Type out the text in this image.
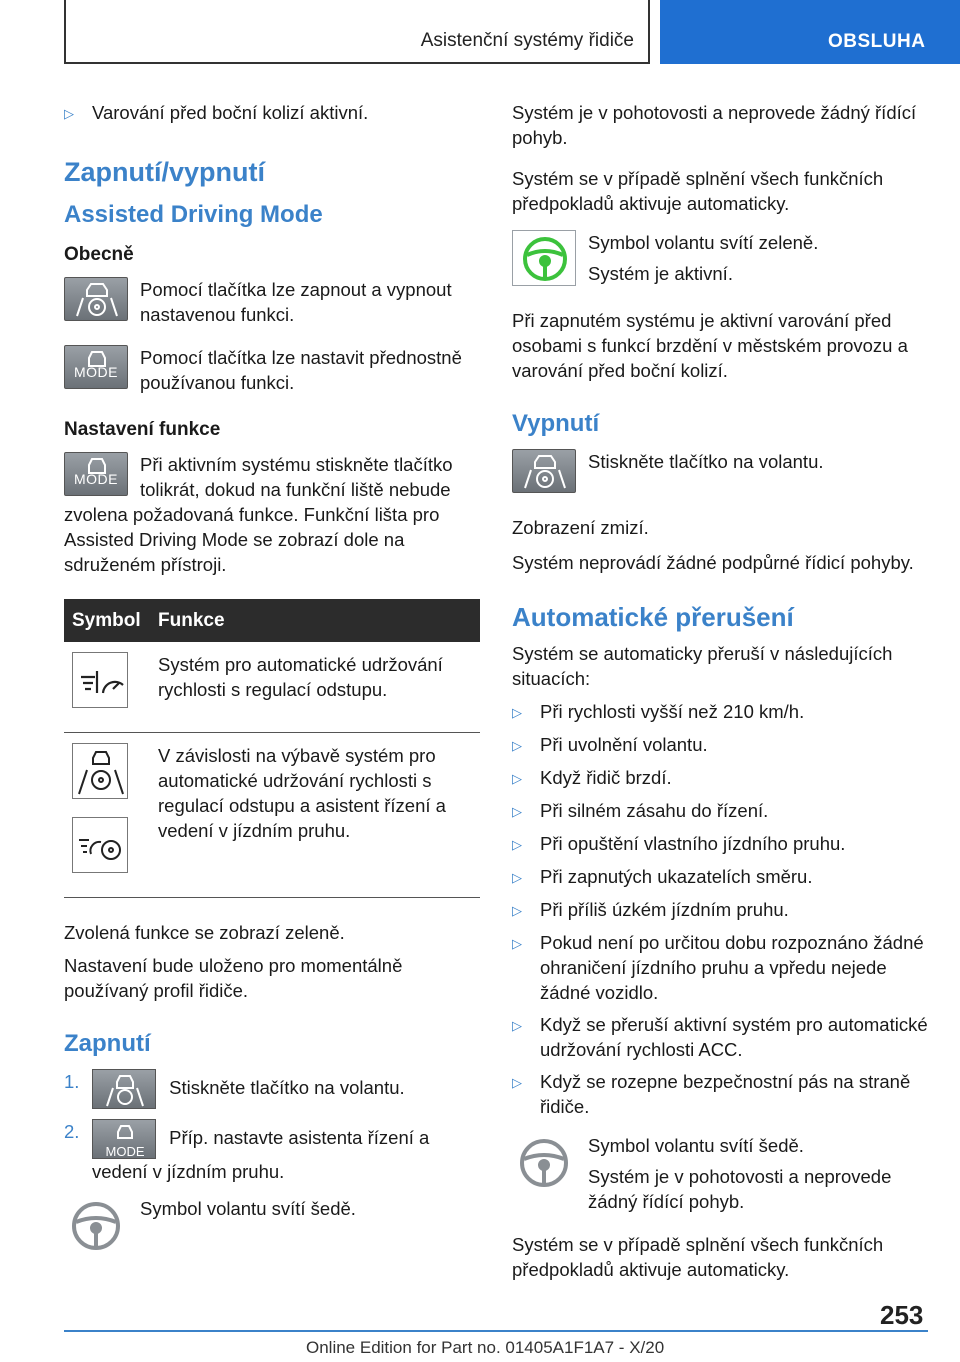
Asistenční systémy řidiče	OBSLUHA
▷ Varování před boční kolizí aktivní.

Zapnutí/vypnutí

Assisted Driving Mode

Obecně

Pomocí tlačítka lze zapnout a vypnout nastavenou funkci.

MODE

Pomocí tlačítka lze nastavit přednostně používanou funkci.

Nastavení funkce

MODE

Při aktivním systému stiskněte tlačítko tolikrát, dokud na funkční liště nebude zvolena požadovaná funkce. Funkční lišta pro Assisted Driving Mode se zobrazí dole na sdruženém přístroji.

Symbol	Funkce

	Systém pro automatické udržování rychlosti s regulací odstupu.

	V závislosti na výbavě systém pro automatické udržování rychlosti s regulací odstupu a asistent řízení a vedení v jízdním pruhu.

Zvolená funkce se zobrazí zeleně.

Nastavení bude uloženo pro momentálně používaný profil řidiče.

Zapnutí

1.	Stiskněte tlačítko na volantu.
2.
MODE
Příp. nastavte asistenta řízení a vedení v jízdním pruhu.

Symbol volantu svítí šedě.

Systém je v pohotovosti a neprovede žádný řídící pohyb.

Systém se v případě splnění všech funkčních předpokladů aktivuje automaticky.

Symbol volantu svítí zeleně.

Systém je aktivní.

Při zapnutém systému je aktivní varování před osobami s funkcí brzdění v městském provozu a varování před boční kolizí.

Vypnutí

Stiskněte tlačítko na volantu.

Zobrazení zmizí.

Systém neprovádí žádné podpůrné řídicí pohyby.

Automatické přerušení

Systém se automaticky přeruší v následujících situacích:

▷ Při rychlosti vyšší než 210 km/h.
▷ Při uvolnění volantu.
▷ Když řidič brzdí.
▷ Při silném zásahu do řízení.
▷ Při opuštění vlastního jízdního pruhu.
▷ Při zapnutých ukazatelích směru.
▷ Při příliš úzkém jízdním pruhu.
▷ Pokud není po určitou dobu rozpoznáno žádné ohraničení jízdního pruhu a vpředu nejede žádné vozidlo.
▷ Když se přeruší aktivní systém pro automatické udržování rychlosti ACC.
▷ Když se rozepne bezpečnostní pás na straně řidiče.

Symbol volantu svítí šedě.

Systém je v pohotovosti a neprovede žádný řídící pohyb.

Systém se v případě splnění všech funkčních předpokladů aktivuje automaticky.

253
Online Edition for Part no. 01405A1F1A7 - X/20
